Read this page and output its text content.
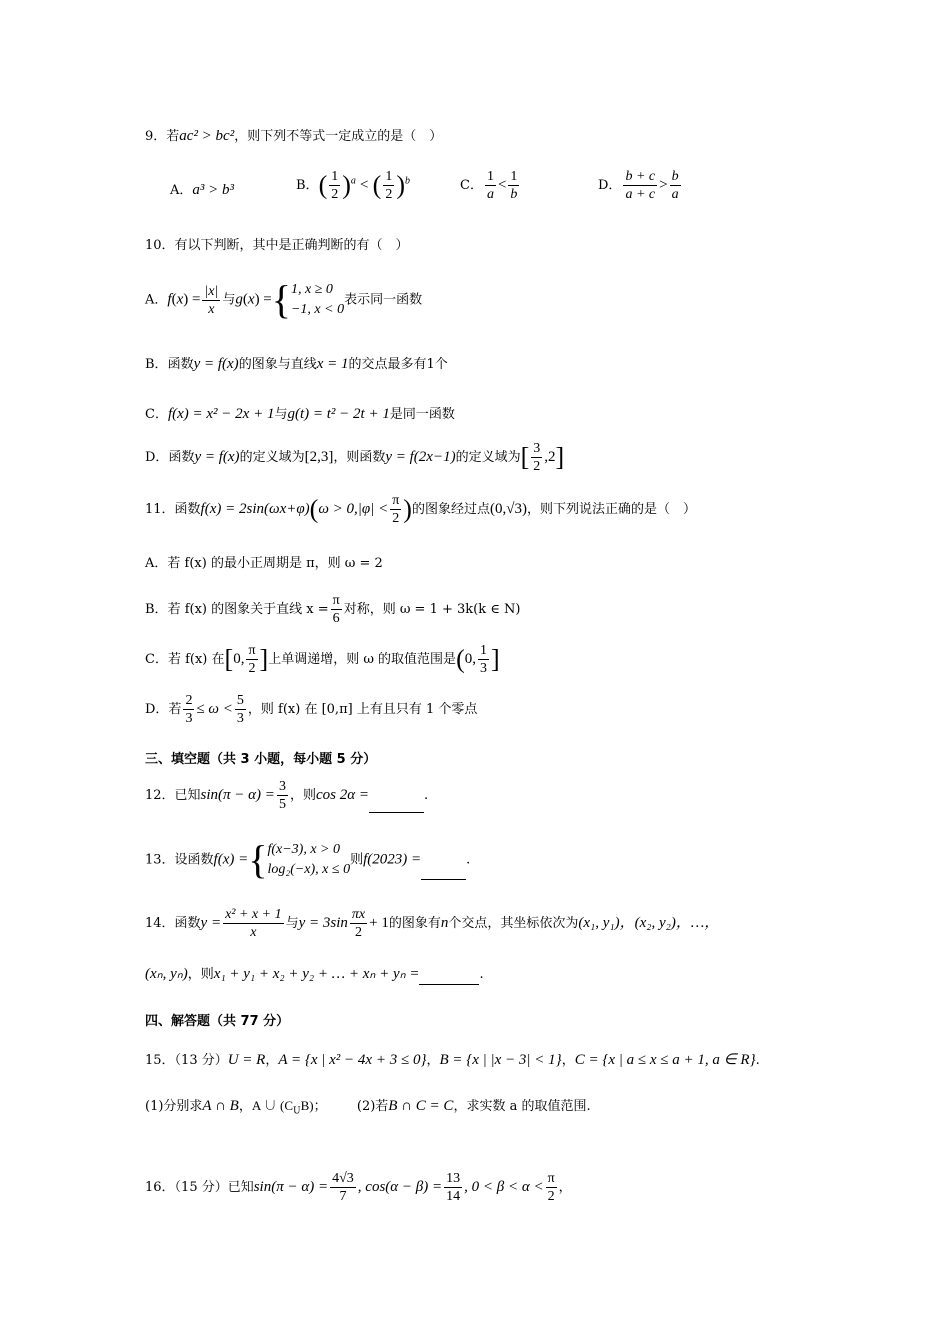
9．若ac² > bc²，则下列不等式一定成立的是（　）
A．a³ > b³	B．( $\frac{1}{2} )^a$ < ( $\frac{1}{2} )^b$	C． $\frac{1}{a} < \frac{1}{b}$	D． $\frac{b + c}{a + c} > \frac{b}{a}$
10．有以下判断，其中是正确判断的有（　）
A．$f(x) = \frac{|x|}{x}$ 与g(x) ={ 1, x ≥ 0
−1, x < 0
表示同一函数
B．函数y = f(x)的图象与直线x = 1的交点最多有1个
C．f(x) = x² − 2x + 1与g(t) = t² − 2t + 1是同一函数
D．函数y = f(x)的定义域为[2,3]，则函数y = f(2x−1)的定义域为[ $\frac{3}{2} ,2$]
11．函数$f(x) = 2\sin(\omega x+\varphi)(\omega > 0,|\varphi| < \frac{\pi}{2}$ )的图象经过点(0,√3)，则下列说法正确的是（　）
A．若 f(x) 的最小正周期是 π，则 ω = 2
B．若 f(x) 的图象关于直线 $x = \frac{\pi}{6}$ 对称，则 ω = 1 + 3k(k ∈ N)
C．若 f(x) 在[0, $\frac{\pi}{2}$ ]上单调递增，则 ω 的取值范围是(0, $\frac{1}{3}$ ]
D．若 $\frac{2}{3} \le \omega < \frac{5}{3}$ ，则 f(x) 在 [0,π] 上有且只有 1 个零点
三、填空题（共 3 小题，每小题 5 分）
12．已知$\sin(\pi - \alpha) = \frac{3}{5}$ ，则cos 2α =	.
13．设函数f(x) ={ f(x−3), x > 0
log₂(−x), x ≤ 0
则f(2023) =	.
14．函数$y = \frac{\text{x² + x + 1}}{x}$ 与$y = 3\sin \frac{\pi x}{2} + 1$的图象有n个交点，其坐标依次为(x₁, y₁)，(x₂, y₂)，…，
(xₙ, yₙ)，则x₁ + y₁ + x₂ + y₂ + … + xₙ + yₙ =	.
四、解答题（共 77 分）
15．（13 分）U = R，A = {x | x² − 4x + 3 ≤ 0}，B = {x | |x − 3| < 1}，C = {x | a ≤ x ≤ a + 1, a ∈ R}.
(1)分别求A ∩ B，A ∪ $(C_UB)$； (2)若B ∩ C = C，求实数 a 的取值范围.
16．（15 分）已知$\sin(\pi - \alpha) = \frac{4√3}{7}$ , $\cos(\alpha - \beta) = \frac{13}{14}$ , $0 < \beta < \alpha < \frac{\pi}{2}$ ，
